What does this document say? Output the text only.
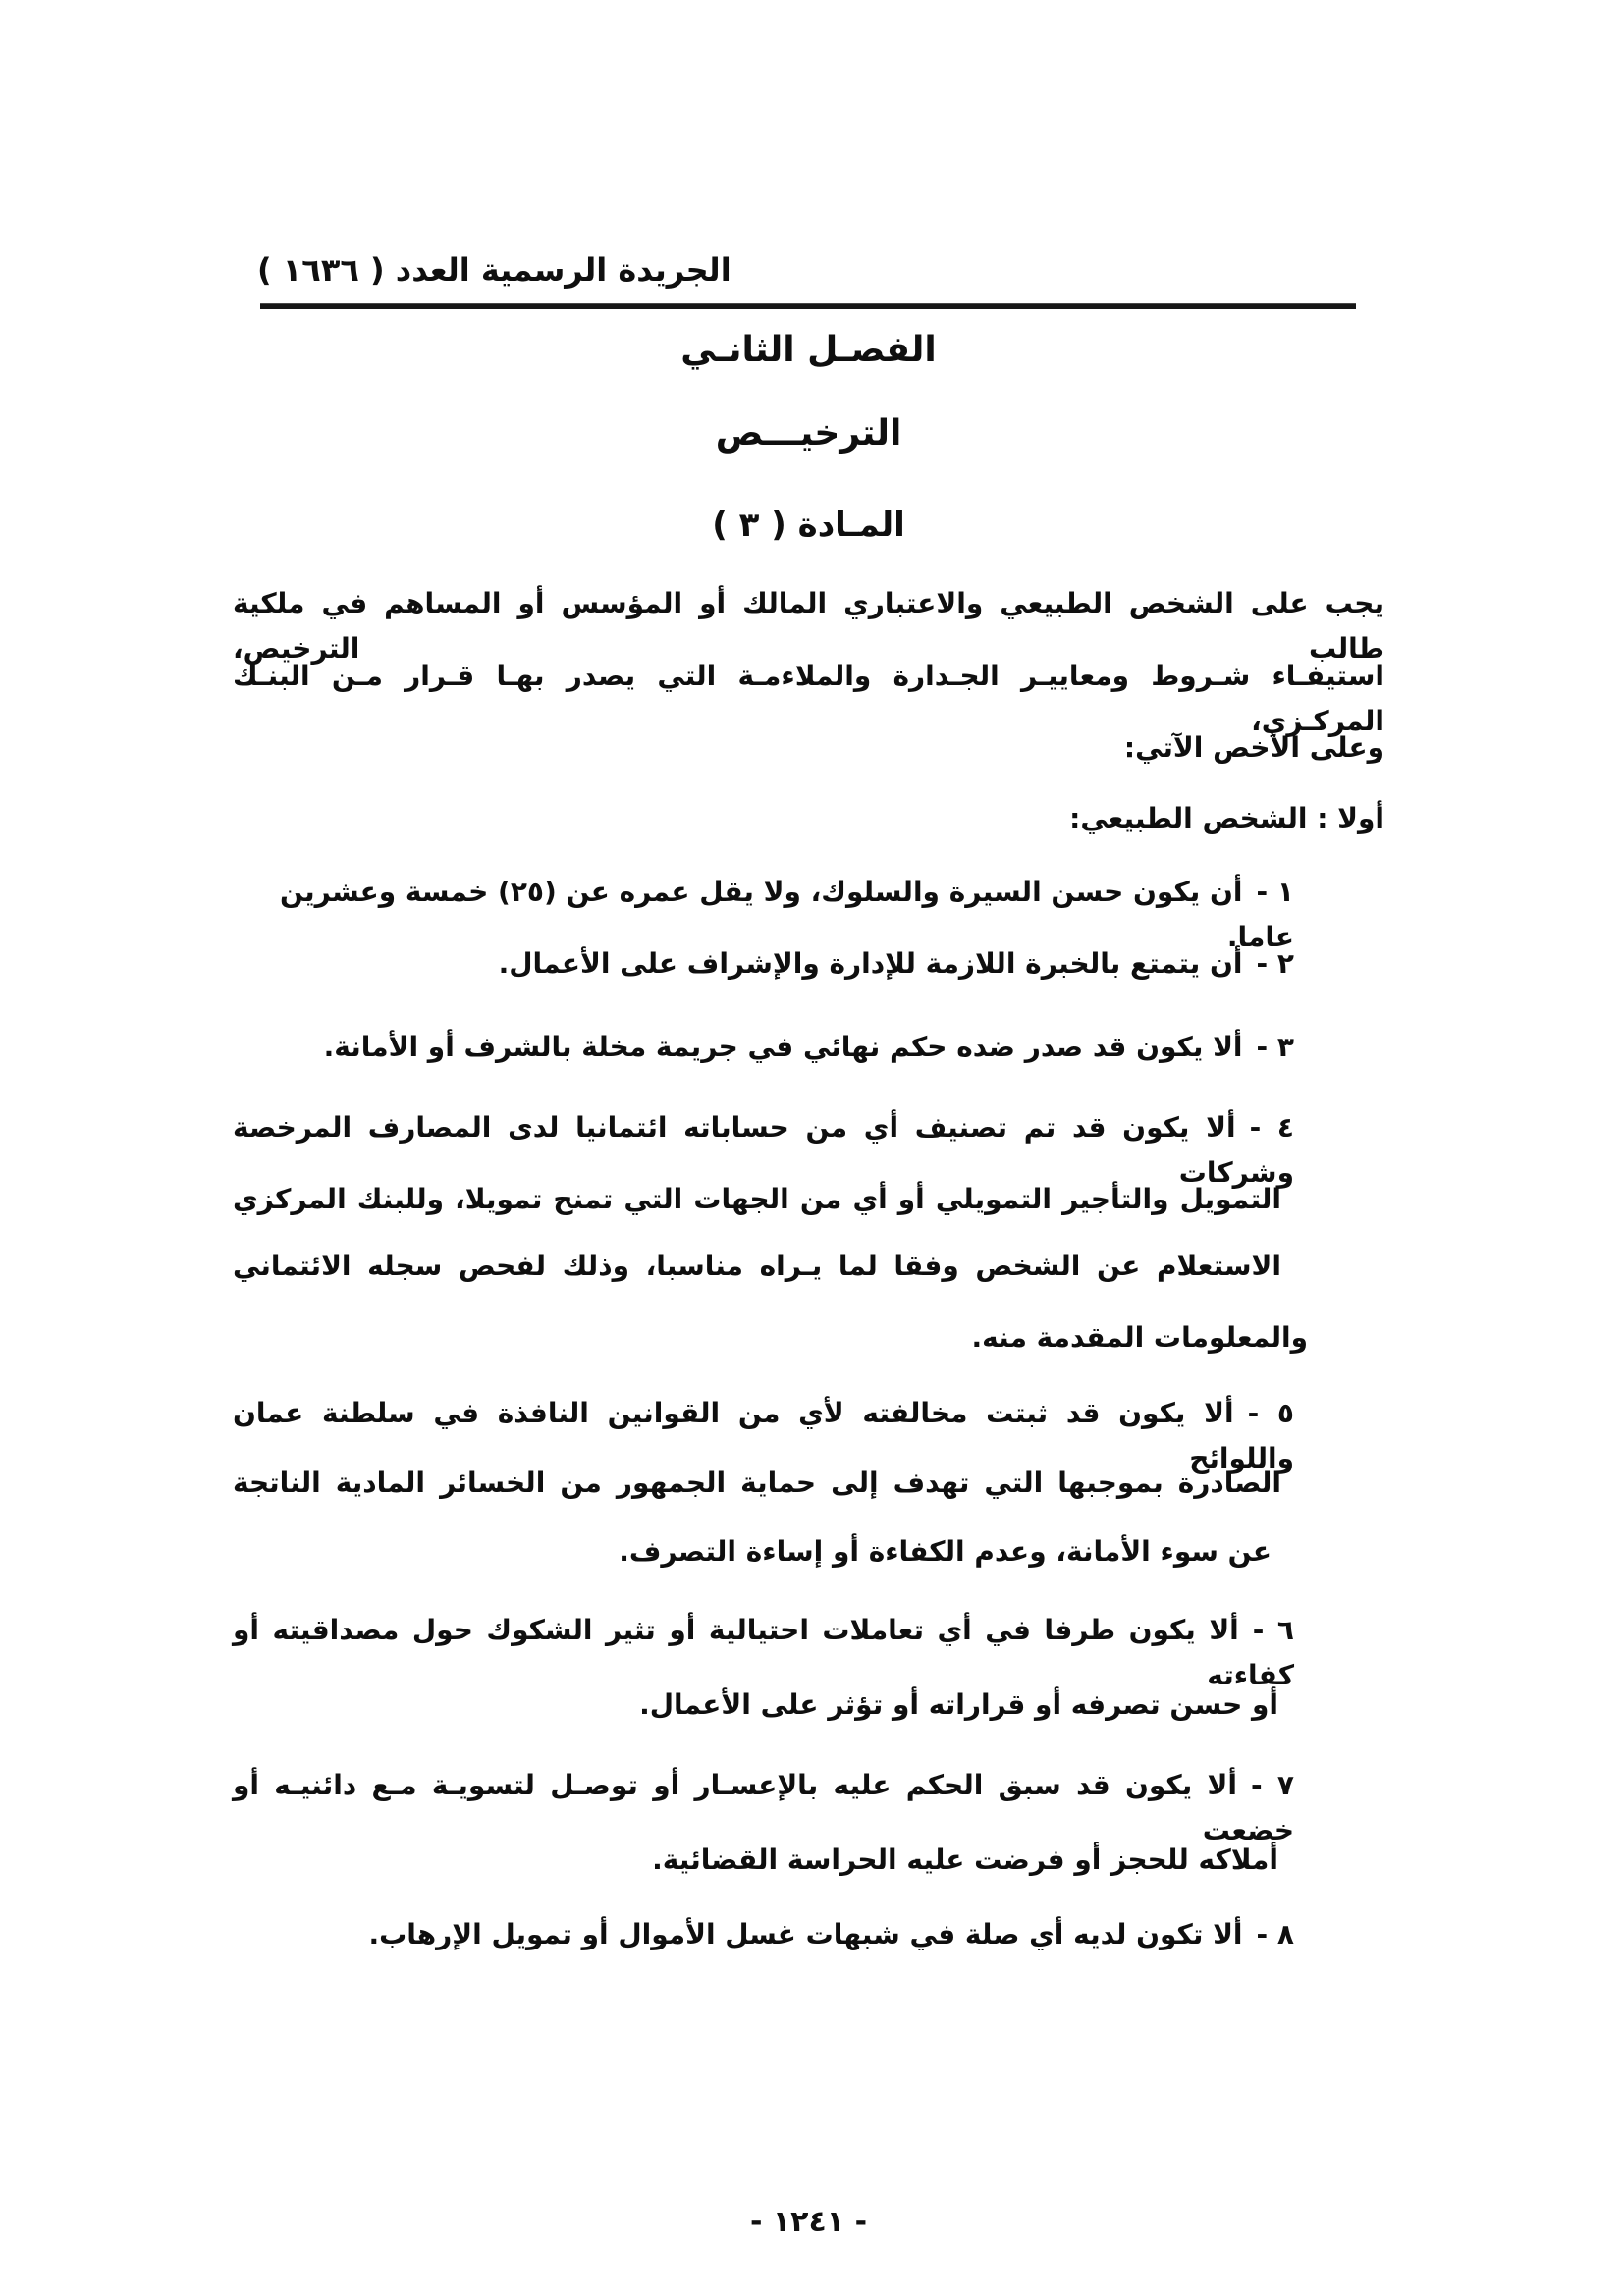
الجريدة الرسمية العدد ( ١٦٣٦ )
الفصـل الثانـي
الترخيـــص
المـادة ( ٣ )
يجب على الشخص الطبيعي والاعتباري المالك أو المؤسس أو المساهم في ملكية طالب الترخيص،
استيفـاء شـروط ومعاييـر الجـدارة والملاءمـة التي يصدر بهـا قـرار مـن البنـك المركـزي،
وعلى الأخص الآتي:
أولا : الشخص الطبيعي:
١ -أن يكون حسن السيرة والسلوك، ولا يقل عمره عن (٢٥) خمسة وعشرين عاما.
٢ -أن يتمتع بالخبرة اللازمة للإدارة والإشراف على الأعمال.
٣ -ألا يكون قد صدر ضده حكم نهائي في جريمة مخلة بالشرف أو الأمانة.
٤ -ألا يكون قد تم تصنيف أي من حساباته ائتمانيا لدى المصارف المرخصة وشركات
التمويل والتأجير التمويلي أو أي من الجهات التي تمنح تمويلا، وللبنك المركزي
الاستعلام عن الشخص وفقا لما يـراه مناسبا، وذلك لفحص سجله الائتماني
والمعلومات المقدمة منه.
٥ -ألا يكون قد ثبتت مخالفته لأي من القوانين النافذة في سلطنة عمان واللوائح
الصادرة بموجبها التي تهدف إلى حماية الجمهور من الخسائر المادية الناتجة
عن سوء الأمانة، وعدم الكفاءة أو إساءة التصرف.
٦ -ألا يكون طرفا في أي تعاملات احتيالية أو تثير الشكوك حول مصداقيته أو كفاءته
أو حسن تصرفه أو قراراته أو تؤثر على الأعمال.
٧ -ألا يكون قد سبق الحكم عليه بالإعسـار أو توصـل لتسويـة مـع دائنيـه أو خضعت
أملاكه للحجز أو فرضت عليه الحراسة القضائية.
٨ -ألا تكون لديه أي صلة في شبهات غسل الأموال أو تمويل الإرهاب.
- ١٢٤١ -
